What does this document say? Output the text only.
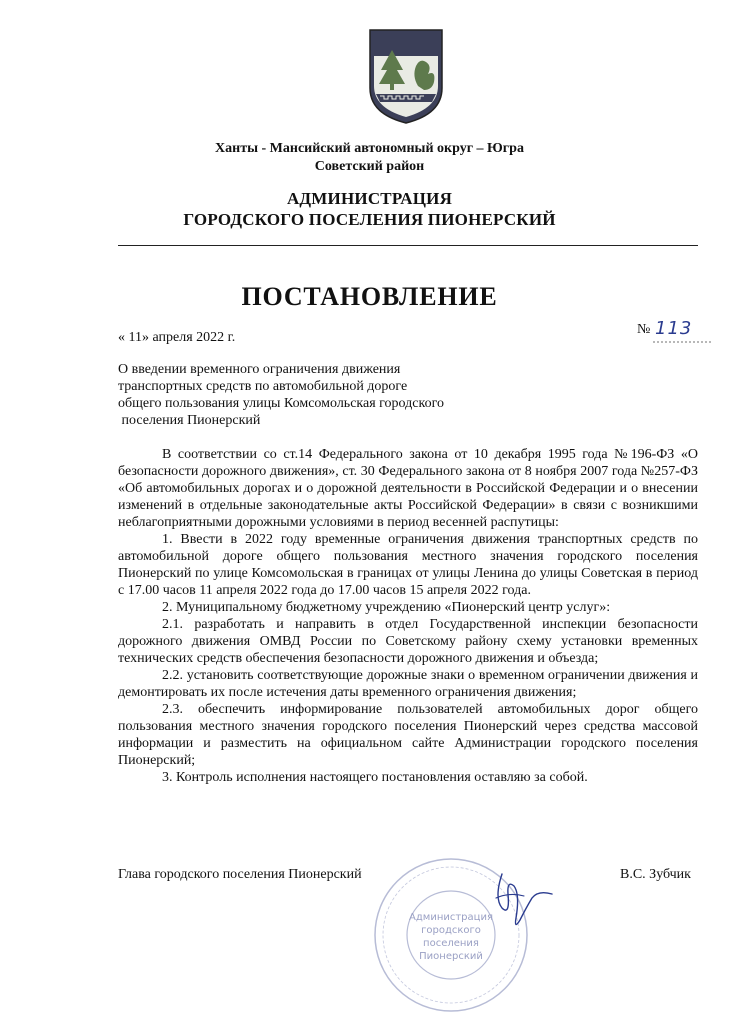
Ханты - Мансийский автономный округ – Югра
Советский район
АДМИНИСТРАЦИЯ
ГОРОДСКОГО ПОСЕЛЕНИЯ ПИОНЕРСКИЙ
ПОСТАНОВЛЕНИЕ
« 11» апреля 2022 г.
№ 113
О введении временного ограничения движения
транспортных средств по автомобильной дороге
общего пользования улицы Комсомольская городского
поселения Пионерский

В соответствии со ст.14 Федерального закона от 10 декабря 1995 года №196-ФЗ «О безопасности дорожного движения», ст. 30 Федерального закона от 8 ноября 2007 года №257-ФЗ «Об автомобильных дорогах и о дорожной деятельности в Российской Федерации и о внесении изменений в отдельные законодательные акты Российской Федерации» в связи с возникшими неблагоприятными дорожными условиями в период весенней распутицы:

1. Ввести в 2022 году временные ограничения движения транспортных средств по автомобильной дороге общего пользования местного значения городского поселения Пионерский по улице Комсомольская в границах от улицы Ленина до улицы Советская в период с 17.00 часов 11 апреля 2022 года до 17.00 часов 15 апреля 2022 года.

2. Муниципальному бюджетному учреждению «Пионерский центр услуг»:

2.1. разработать и направить в отдел Государственной инспекции безопасности дорожного движения ОМВД России по Советскому району схему установки временных технических средств обеспечения безопасности дорожного движения и объезда;

2.2. установить соответствующие дорожные знаки о временном ограничении движения и демонтировать их после истечения даты временного ограничения движения;

2.3. обеспечить информирование пользователей автомобильных дорог общего пользования местного значения городского поселения Пионерский через средства массовой информации и разместить на официальном сайте Администрации городского поселения Пионерский;

3. Контроль исполнения настоящего постановления оставляю за собой.

Администрация
городского
поселения
Пионерский
Глава городского поселения Пионерский	В.С. Зубчик
